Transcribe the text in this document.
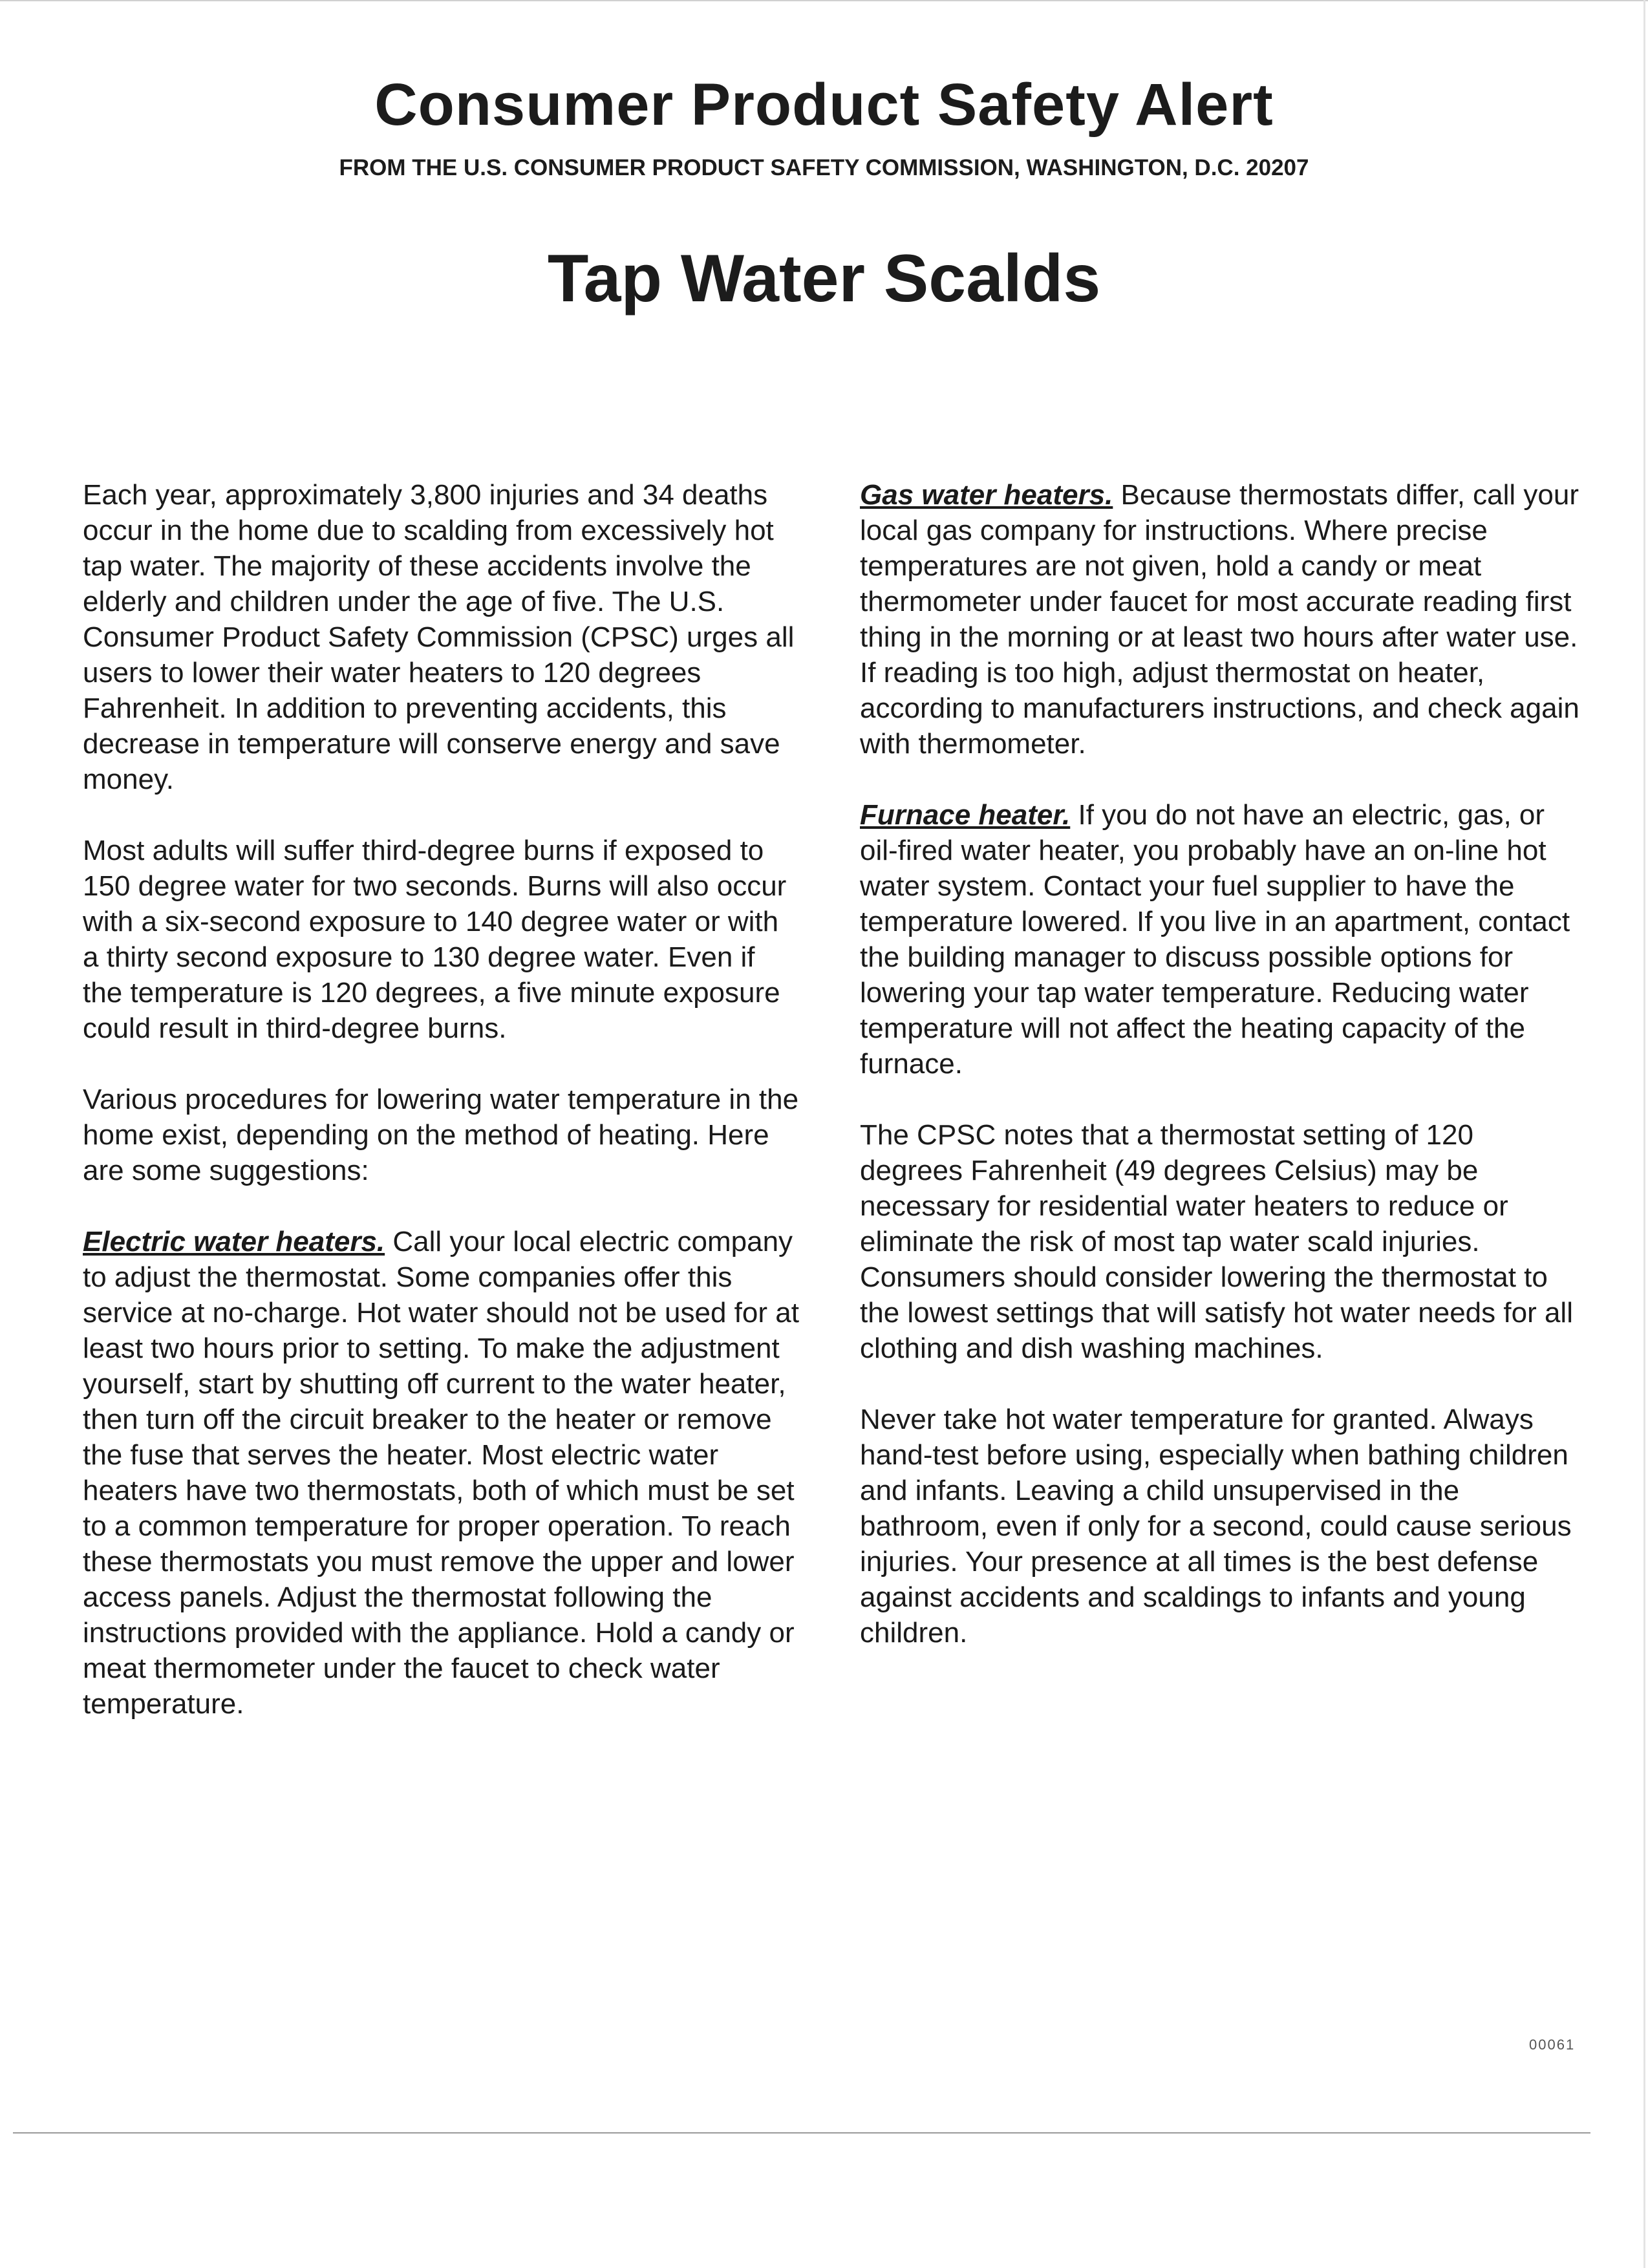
Consumer Product Safety Alert
FROM THE U.S. CONSUMER PRODUCT SAFETY COMMISSION, WASHINGTON, D.C. 20207
Tap Water Scalds

Each year, approximately 3,800 injuries and 34 deaths occur in the home due to scalding from excessively hot tap water. The majority of these accidents involve the elderly and children under the age of five. The U.S. Consumer Product Safety Commission (CPSC) urges all users to lower their water heaters to 120 degrees Fahrenheit. In addition to preventing accidents, this decrease in temperature will conserve energy and save money.

Most adults will suffer third-degree burns if exposed to 150 degree water for two seconds. Burns will also occur with a six-second exposure to 140 degree water or with a thirty second exposure to 130 degree water. Even if the temperature is 120 degrees, a five minute exposure could result in third-degree burns.

Various procedures for lowering water temperature in the home exist, depending on the method of heating. Here are some suggestions:

Electric water heaters. Call your local electric company to adjust the thermostat. Some companies offer this service at no-charge. Hot water should not be used for at least two hours prior to setting. To make the adjustment yourself, start by shutting off current to the water heater, then turn off the circuit breaker to the heater or remove the fuse that serves the heater. Most electric water heaters have two thermostats, both of which must be set to a common temperature for proper operation. To reach these thermostats you must remove the upper and lower access panels. Adjust the thermostat following the instructions provided with the appliance. Hold a candy or meat thermometer under the faucet to check water temperature.

Gas water heaters. Because thermostats differ, call your local gas company for instructions. Where precise temperatures are not given, hold a candy or meat thermometer under faucet for most accurate reading first thing in the morning or at least two hours after water use. If reading is too high, adjust thermostat on heater, according to manufacturers instructions, and check again with thermometer.

Furnace heater. If you do not have an electric, gas, or oil-fired water heater, you probably have an on-line hot water system. Contact your fuel supplier to have the temperature lowered. If you live in an apartment, contact the building manager to discuss possible options for lowering your tap water temperature. Reducing water temperature will not affect the heating capacity of the furnace.

The CPSC notes that a thermostat setting of 120 degrees Fahrenheit (49 degrees Celsius) may be necessary for residential water heaters to reduce or eliminate the risk of most tap water scald injuries. Consumers should consider lowering the thermostat to the lowest settings that will satisfy hot water needs for all clothing and dish washing machines.

Never take hot water temperature for granted. Always hand-test before using, especially when bathing children and infants. Leaving a child unsupervised in the bathroom, even if only for a second, could cause serious injuries. Your presence at all times is the best defense against accidents and scaldings to infants and young children.

00061
